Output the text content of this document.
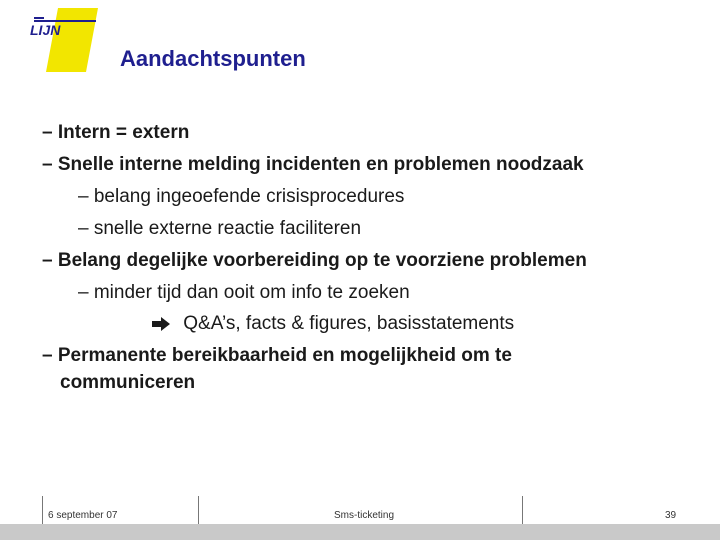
LIJN
Aandachtspunten
– Intern = extern
– Snelle interne melding incidenten en problemen noodzaak
– belang ingeoefende crisisprocedures
– snelle externe reactie faciliteren
– Belang degelijke voorbereiding op te voorziene problemen
– minder tijd dan ooit om info te zoeken
Q&A’s, facts & figures, basisstatements
– Permanente bereikbaarheid en mogelijkheid om te
communiceren
6 september 07	Sms-ticketing	39
